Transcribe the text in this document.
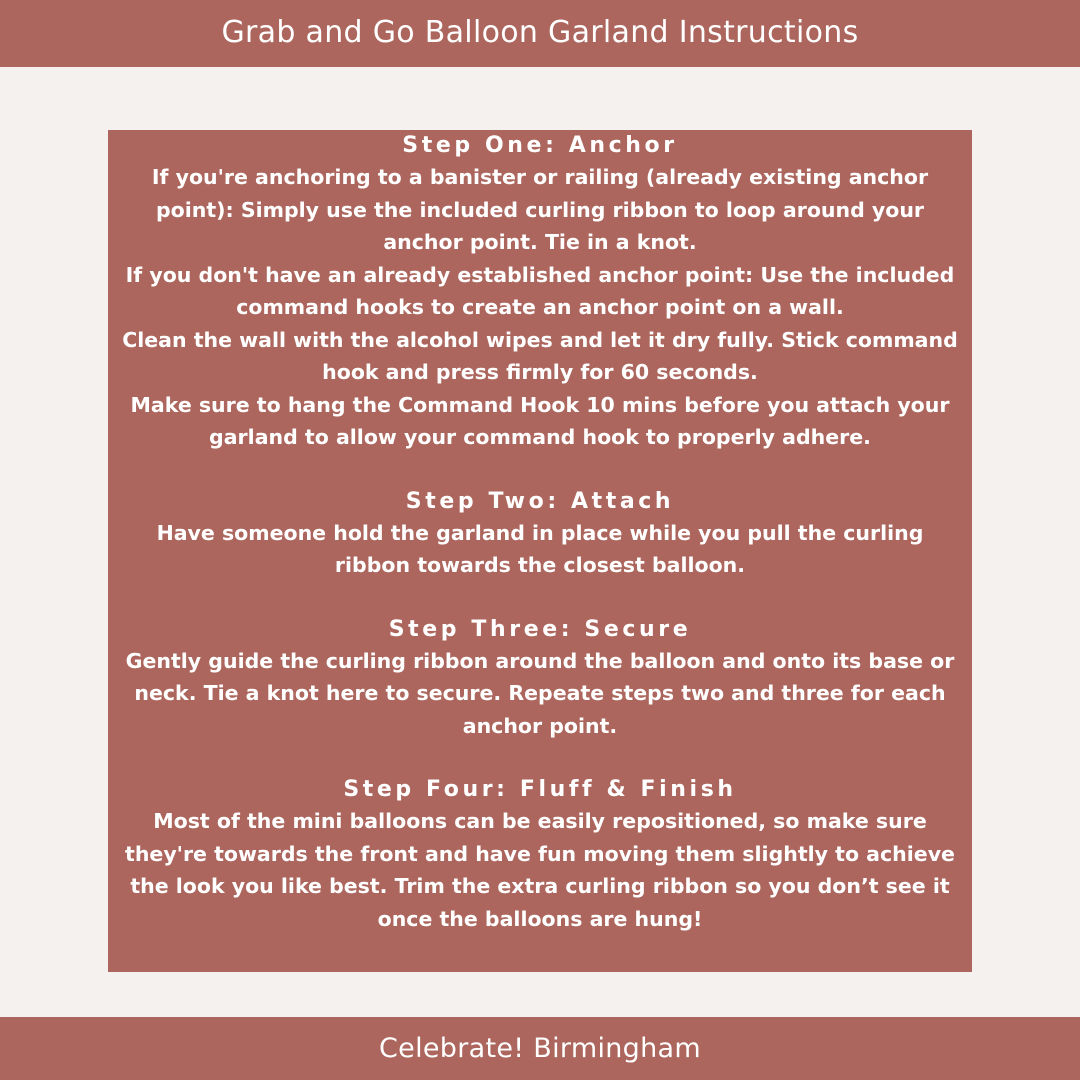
Grab and Go Balloon Garland Instructions
Step One: Anchor

If you're anchoring to a banister or railing (already existing anchor

point): Simply use the included curling ribbon to loop around your

anchor point. Tie in a knot.

If you don't have an already established anchor point: Use the included

command hooks to create an anchor point on a wall.

Clean the wall with the alcohol wipes and let it dry fully. Stick command

hook and press firmly for 60 seconds.

Make sure to hang the Command Hook 10 mins before you attach your

garland to allow your command hook to properly adhere.

Step Two: Attach

Have someone hold the garland in place while you pull the curling

ribbon towards the closest balloon.

Step Three: Secure

Gently guide the curling ribbon around the balloon and onto its base or

neck. Tie a knot here to secure. Repeate steps two and three for each

anchor point.

Step Four: Fluff & Finish

Most of the mini balloons can be easily repositioned, so make sure

they're towards the front and have fun moving them slightly to achieve

the look you like best. Trim the extra curling ribbon so you don’t see it

once the balloons are hung!

Celebrate! Birmingham
